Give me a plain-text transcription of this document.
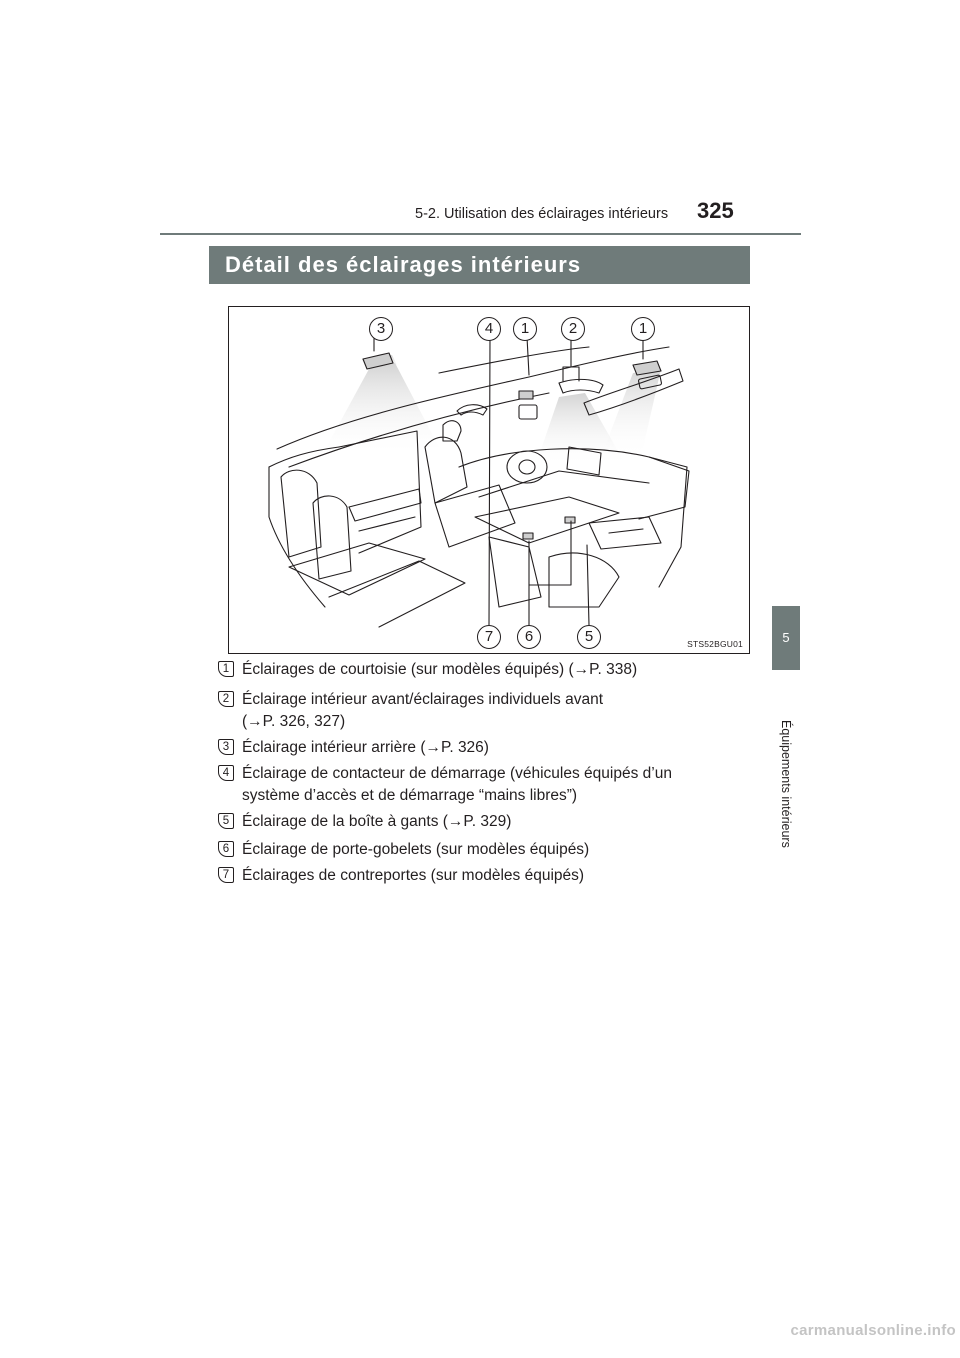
5-2. Utilisation des éclairages intérieurs 325
Détail des éclairages intérieurs
3	4	1	2	1
7	6	5	STS52BGU01
1 Éclairages de courtoisie (sur modèles équipés) (→P. 338)
2 Éclairage intérieur avant/éclairages individuels avant
(→P. 326, 327)
3 Éclairage intérieur arrière (→P. 326)
4 Éclairage de contacteur de démarrage (véhicules équipés d’un
système d’accès et de démarrage “mains libres”)
5 Éclairage de la boîte à gants (→P. 329)
6 Éclairage de porte-gobelets (sur modèles équipés)
7 Éclairages de contreportes (sur modèles équipés)
5
Équipements intérieurs
carmanualsonline.info
